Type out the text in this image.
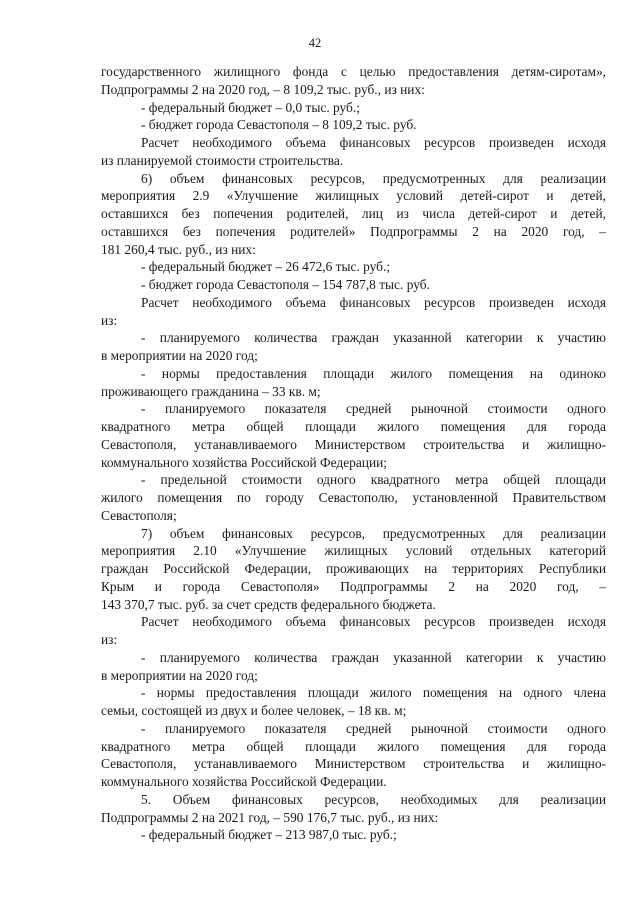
42
государственного жилищного фонда с целью предоставления детям-сиротам»,
Подпрограммы 2 на 2020 год, – 8 109,2 тыс. руб., из них:
- федеральный бюджет – 0,0 тыс. руб.;
- бюджет города Севастополя – 8 109,2 тыс. руб.
Расчет необходимого объема финансовых ресурсов произведен исходя
из планируемой стоимости строительства.
6) объем финансовых ресурсов, предусмотренных для реализации
мероприятия 2.9 «Улучшение жилищных условий детей-сирот и детей,
оставшихся без попечения родителей, лиц из числа детей-сирот и детей,
оставшихся без попечения родителей» Подпрограммы 2 на 2020 год, –
181 260,4 тыс. руб., из них:
- федеральный бюджет – 26 472,6 тыс. руб.;
- бюджет города Севастополя – 154 787,8 тыс. руб.
Расчет необходимого объема финансовых ресурсов произведен исходя
из:
- планируемого количества граждан указанной категории к участию
в мероприятии на 2020 год;
- нормы предоставления площади жилого помещения на одиноко
проживающего гражданина – 33 кв. м;
- планируемого показателя средней рыночной стоимости одного
квадратного метра общей площади жилого помещения для города
Севастополя, устанавливаемого Министерством строительства и жилищно-
коммунального хозяйства Российской Федерации;
- предельной стоимости одного квадратного метра общей площади
жилого помещения по городу Севастополю, установленной Правительством
Севастополя;
7) объем финансовых ресурсов, предусмотренных для реализации
мероприятия 2.10 «Улучшение жилищных условий отдельных категорий
граждан Российской Федерации, проживающих на территориях Республики
Крым и города Севастополя» Подпрограммы 2 на 2020 год, –
143 370,7 тыс. руб. за счет средств федерального бюджета.
Расчет необходимого объема финансовых ресурсов произведен исходя
из:
- планируемого количества граждан указанной категории к участию
в мероприятии на 2020 год;
- нормы предоставления площади жилого помещения на одного члена
семьи, состоящей из двух и более человек, – 18 кв. м;
- планируемого показателя средней рыночной стоимости одного
квадратного метра общей площади жилого помещения для города
Севастополя, устанавливаемого Министерством строительства и жилищно-
коммунального хозяйства Российской Федерации.
5. Объем финансовых ресурсов, необходимых для реализации
Подпрограммы 2 на 2021 год, – 590 176,7 тыс. руб., из них:
- федеральный бюджет – 213 987,0 тыс. руб.;
